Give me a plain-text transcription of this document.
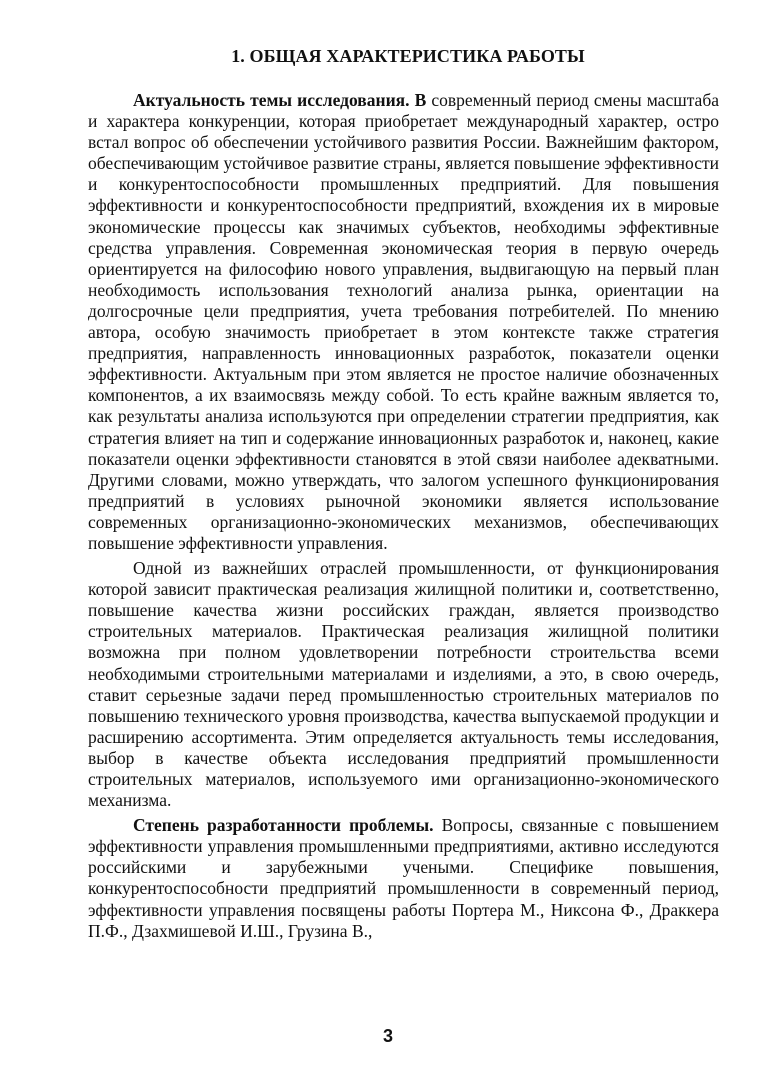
1. ОБЩАЯ ХАРАКТЕРИСТИКА РАБОТЫ

Актуальность темы исследования. В современный период смены масштаба и характера конкуренции, которая приобретает международный характер, остро встал вопрос об обеспечении устойчивого развития России. Важнейшим фактором, обеспечивающим устойчивое развитие страны, является повышение эффективности и конкурентоспособности промышленных предприятий. Для повышения эффективности и конкурентоспособности предприятий, вхождения их в мировые экономические процессы как значимых субъектов, необходимы эффективные средства управления. Современная экономическая теория в первую очередь ориентируется на философию нового управления, выдвигающую на первый план необходимость использования технологий анализа рынка, ориентации на долгосрочные цели предприятия, учета требования потребителей. По мнению автора, особую значимость приобретает в этом контексте также стратегия предприятия, направленность инновационных разработок, показатели оценки эффективности. Актуальным при этом является не простое наличие обозначенных компонентов, а их взаимосвязь между собой. То есть крайне важным является то, как результаты анализа используются при определении стратегии предприятия, как стратегия влияет на тип и содержание инновационных разработок и, наконец, какие показатели оценки эффективности становятся в этой связи наиболее адекватными. Другими словами, можно утверждать, что залогом успешного функционирования предприятий в условиях рыночной экономики является использование современных организационно-экономических механизмов, обеспечивающих повышение эффективности управления.

Одной из важнейших отраслей промышленности, от функционирования которой зависит практическая реализация жилищной политики и, соответственно, повышение качества жизни российских граждан, является производство строительных материалов. Практическая реализация жилищной политики возможна при полном удовлетворении потребности строительства всеми необходимыми строительными материалами и изделиями, а это, в свою очередь, ставит серьезные задачи перед промышленностью строительных материалов по повышению технического уровня производства, качества выпускаемой продукции и расширению ассортимента. Этим определяется актуальность темы исследования, выбор в качестве объекта исследования предприятий промышленности строительных материалов, используемого ими организационно-экономического механизма.

Степень разработанности проблемы. Вопросы, связанные с повышением эффективности управления промышленными предприятиями, активно исследуются российскими и зарубежными учеными. Специфике повышения, конкурентоспособности предприятий промышленности в современный период, эффективности управления посвящены работы Портера М., Никсона Ф., Драккера П.Ф., Дзахмишевой И.Ш., Грузина В.,

3
